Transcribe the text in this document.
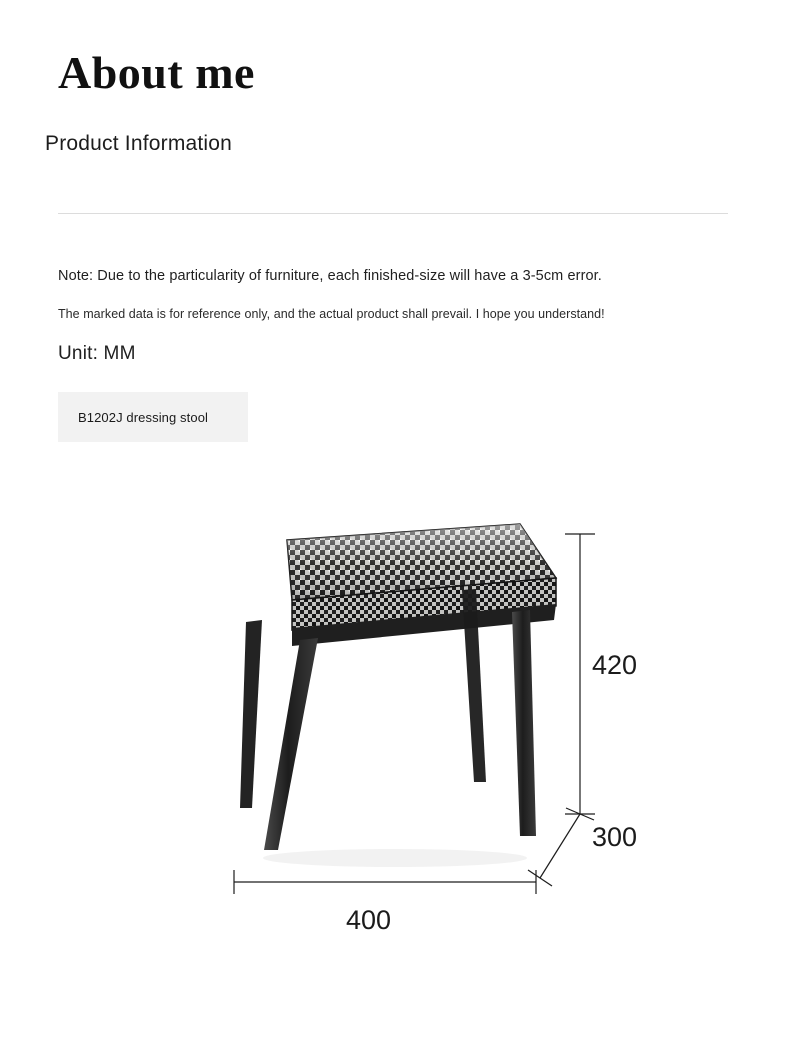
About me
Product Information
Note: Due to the particularity of furniture, each finished-size will have a 3-5cm error.
The marked data is for reference only, and the actual product shall prevail. I hope you understand!
Unit: MM
B1202J dressing stool
420
300
400
